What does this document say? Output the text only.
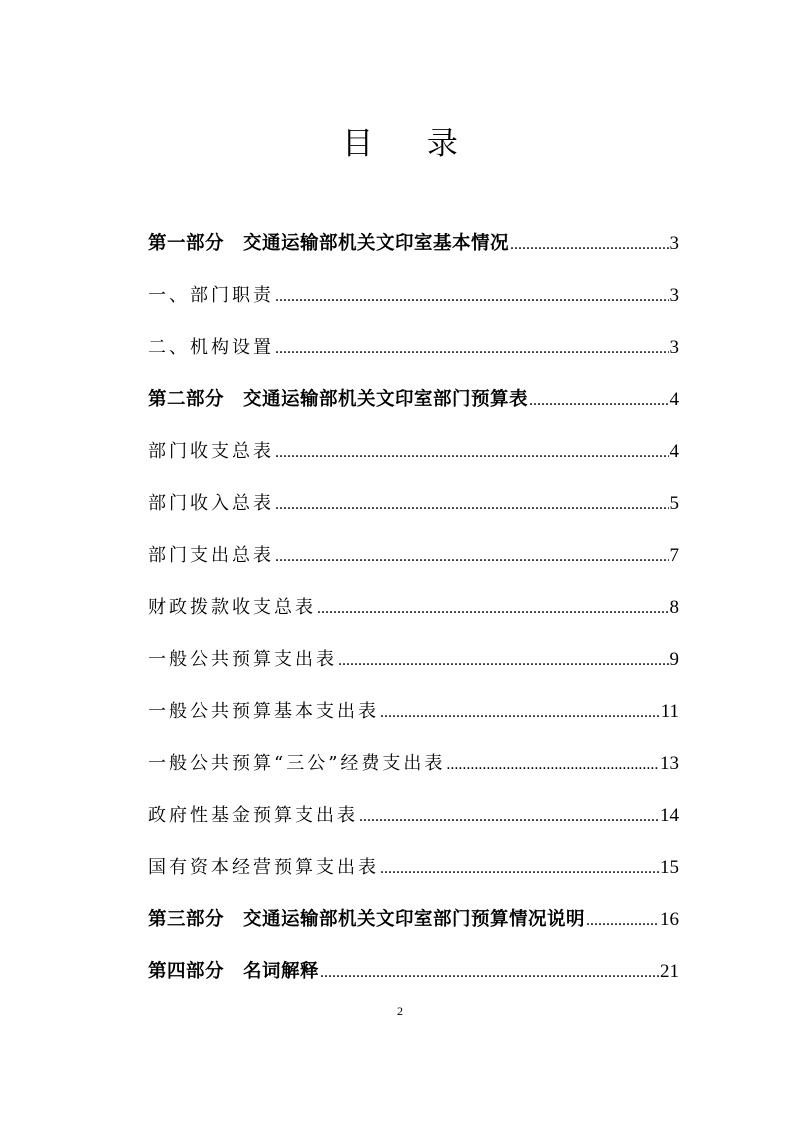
目 录
第一部分　交通运输部机关文印室基本情况 .....	3
一、部门职责 .....	3
二、机构设置 .....	3
第二部分　交通运输部机关文印室部门预算表 .....	4
部门收支总表 .....	4
部门收入总表 .....	5
部门支出总表 .....	7
财政拨款收支总表 .....	8
一般公共预算支出表 .....	9
一般公共预算基本支出表 .....	11
一般公共预算“三公”经费支出表 .....	13
政府性基金预算支出表 .....	14
国有资本经营预算支出表 .....	15
第三部分　交通运输部机关文印室部门预算情况说明 .....	16
第四部分　名词解释 .....	21
2
